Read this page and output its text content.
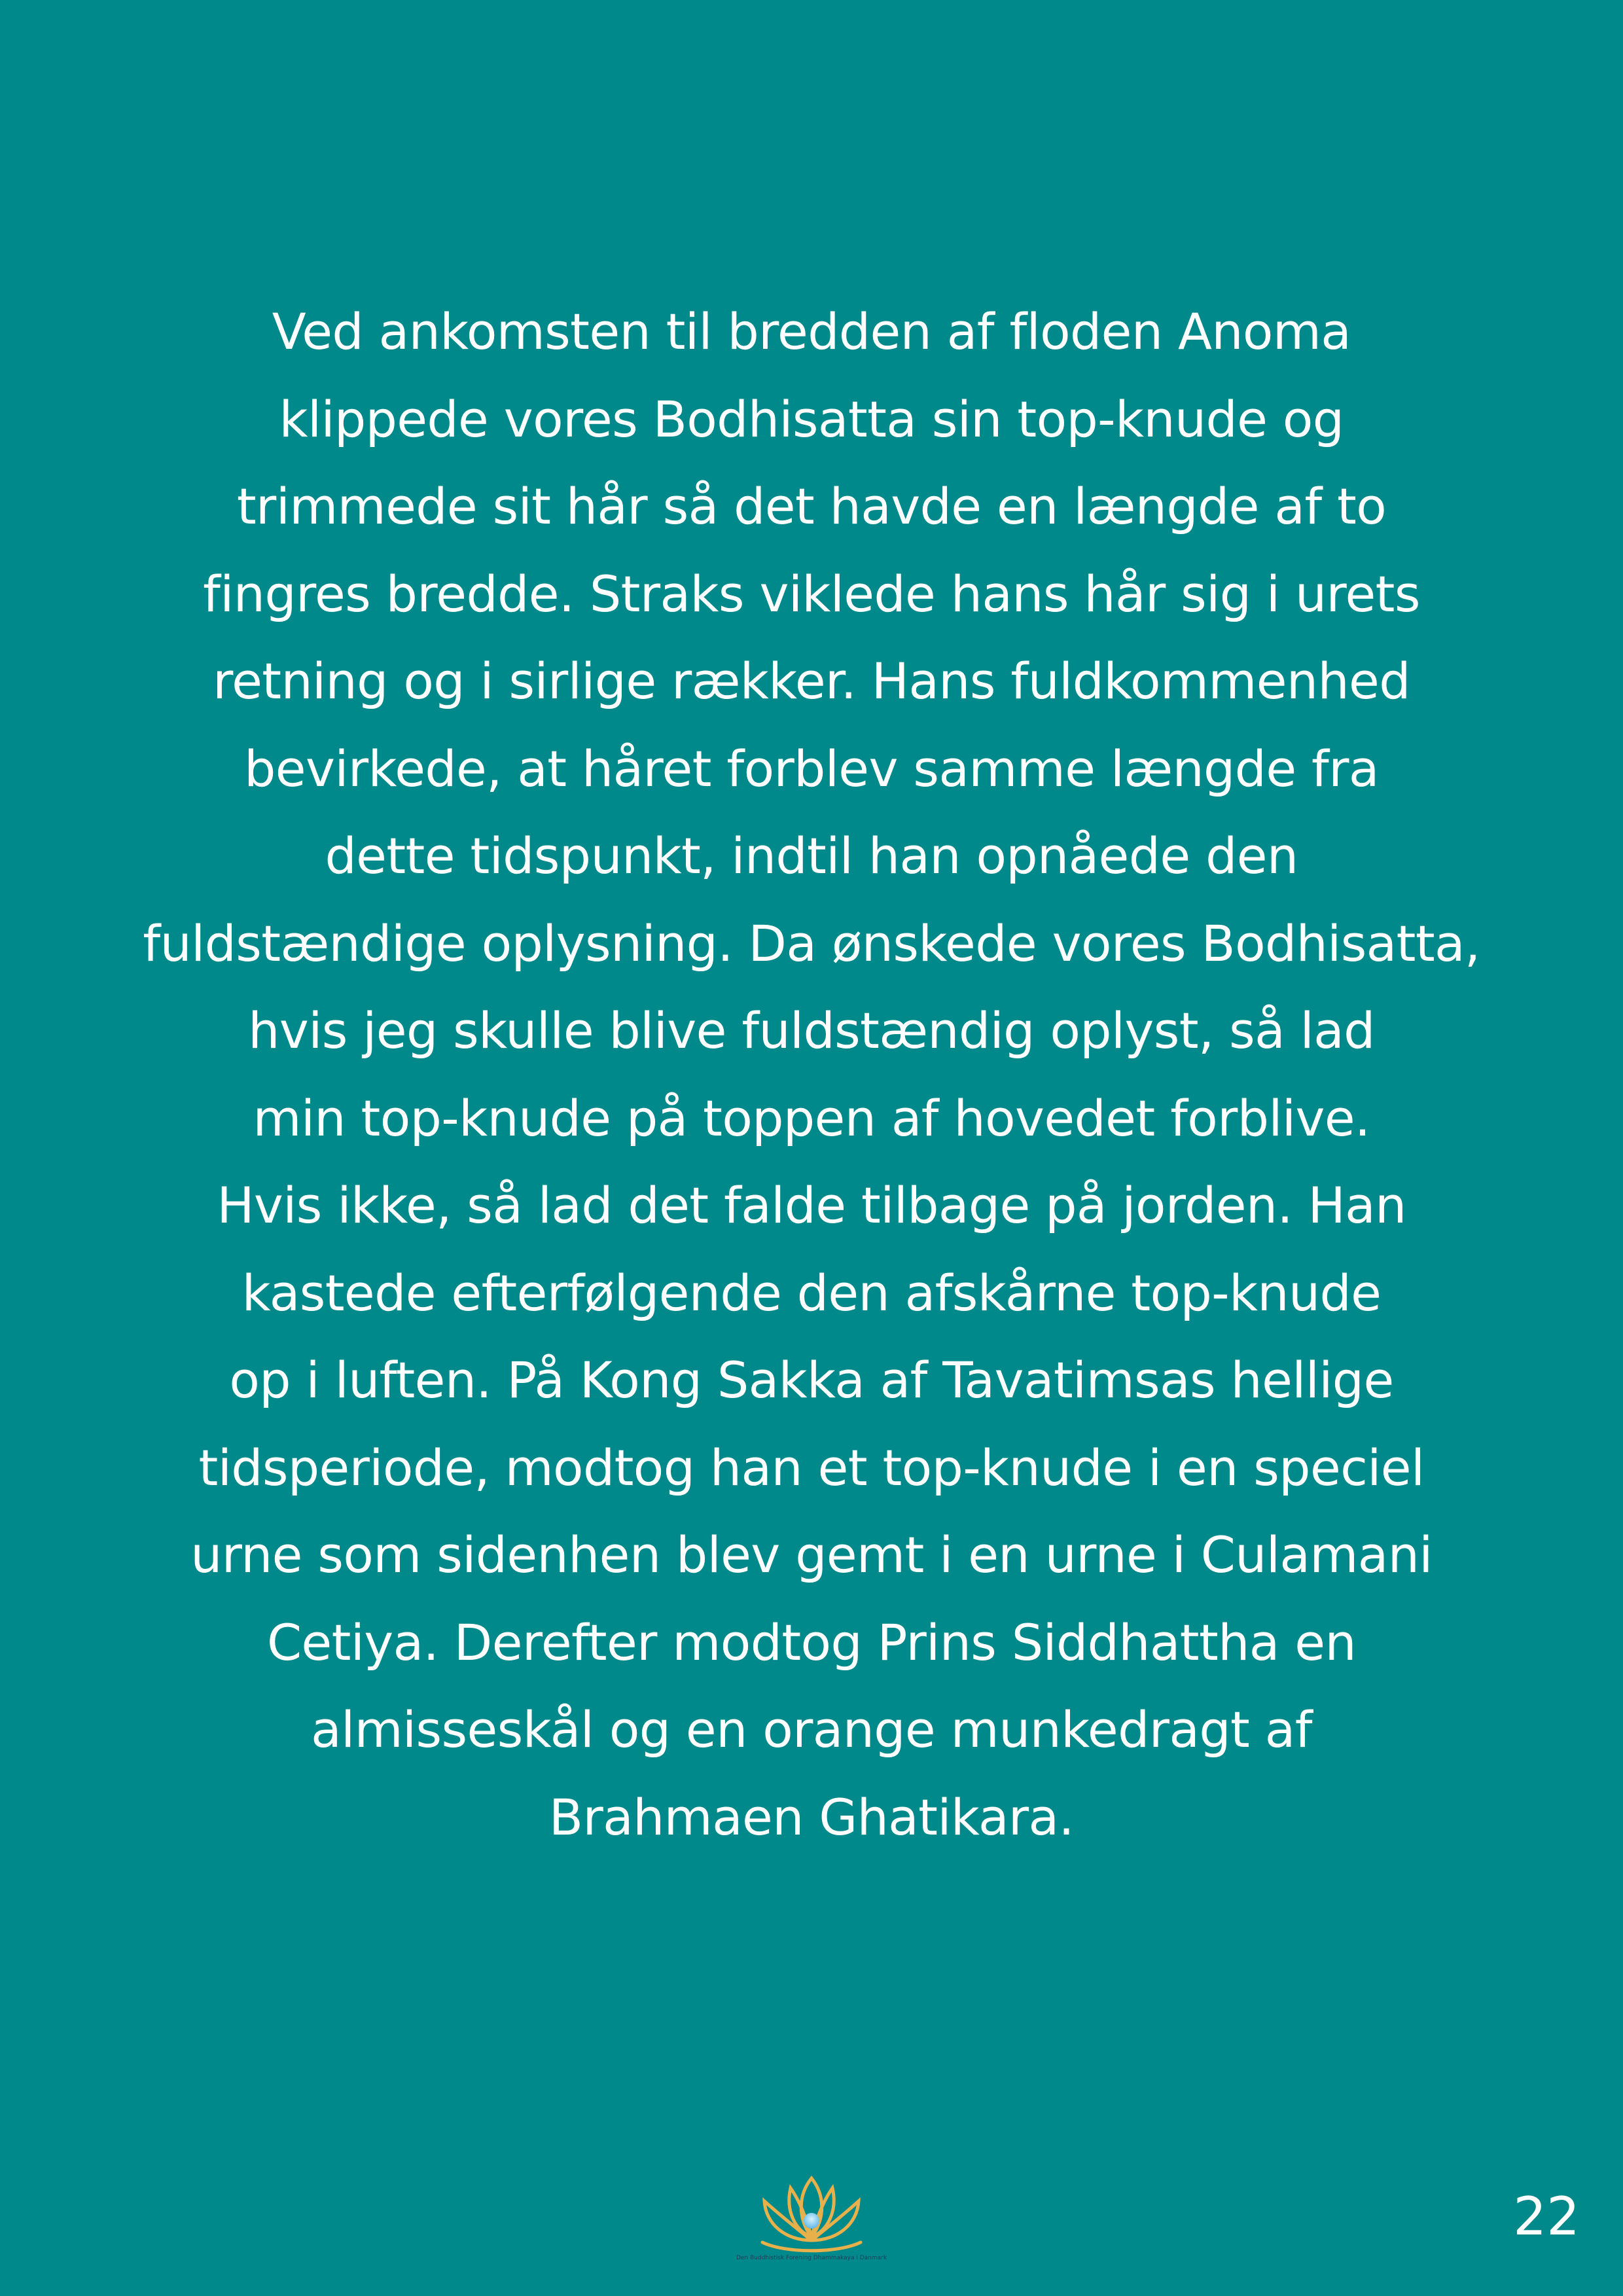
Ved ankomsten til bredden af floden Anoma
klippede vores Bodhisatta sin top-knude og
trimmede sit hår så det havde en længde af to
fingres bredde. Straks viklede hans hår sig i urets
retning og i sirlige rækker. Hans fuldkommenhed
bevirkede, at håret forblev samme længde fra
dette tidspunkt, indtil han opnåede den
fuldstændige oplysning. Da ønskede vores Bodhisatta,
hvis jeg skulle blive fuldstændig oplyst, så lad
min top-knude på toppen af hovedet forblive.
Hvis ikke, så lad det falde tilbage på jorden. Han
kastede efterfølgende den afskårne top-knude
op i luften. På Kong Sakka af Tavatimsas hellige
tidsperiode, modtog han et top-knude i en speciel
urne som sidenhen blev gemt i en urne i Culamani
Cetiya. Derefter modtog Prins Siddhattha en
almisseskål og en orange munkedragt af
Brahmaen Ghatikara.
Den Buddhistisk Forening Dhammakaya i Danmark
22
